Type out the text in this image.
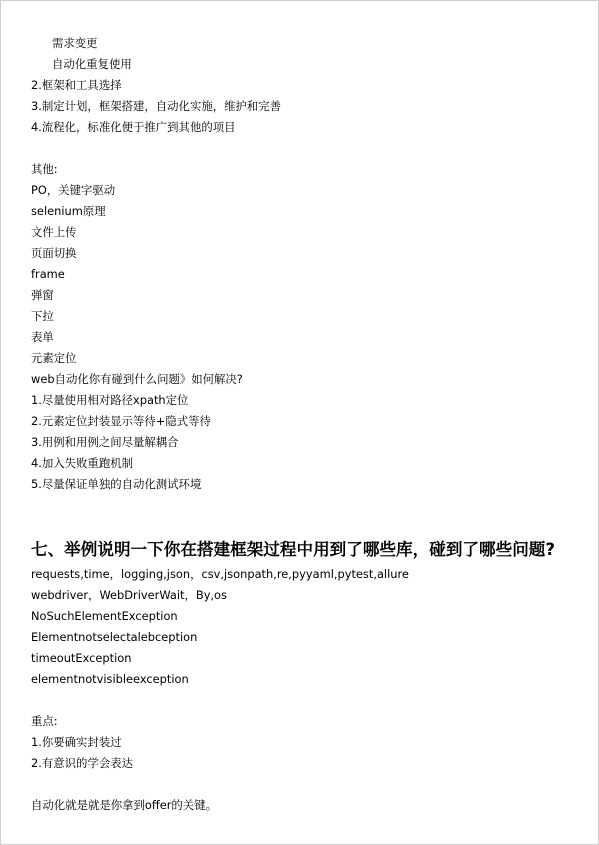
需求变更
自动化重复使用
2.框架和工具选择
3.制定计划，框架搭建，自动化实施，维护和完善
4.流程化，标准化便于推广到其他的项目
其他:
PO，关键字驱动
selenium原理
文件上传
页面切换
frame
弹窗
下拉
表单
元素定位
web自动化你有碰到什么问题》如何解决?
1.尽量使用相对路径xpath定位
2.元素定位封装显示等待+隐式等待
3.用例和用例之间尽量解耦合
4.加入失败重跑机制
5.尽量保证单独的自动化测试环境
七、举例说明一下你在搭建框架过程中用到了哪些库，碰到了哪些问题?
requests,time，logging,json，csv,jsonpath,re,pyyaml,pytest,allure
webdriver，WebDriverWait，By,os
NoSuchElementException
Elementnotselectalebception
timeoutException
elementnotvisibleexception
重点:
1.你要确实封装过
2.有意识的学会表达
自动化就是就是你拿到offer的关键。
